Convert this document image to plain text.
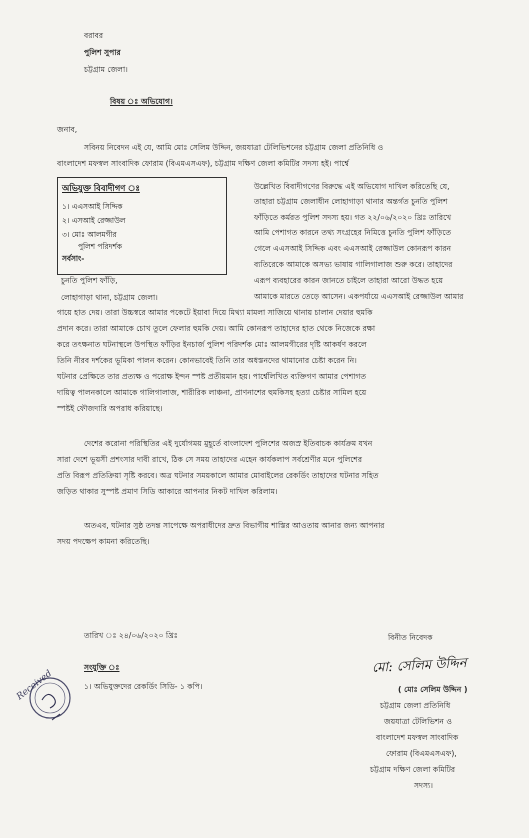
বরাবর
পুলিশ সুপার
চট্টগ্রাম জেলা।
বিষয় ঃ অভিযোগ।
জনাব,
সবিনয় নিবেদন এই যে, আমি মোঃ সেলিম উদ্দিন, জয়যাত্রা টেলিভিশনের চট্টগ্রাম জেলা প্রতিনিধি ও
বাংলাদেশ মফস্বল সাংবাদিক ফোরাম (বিএমএসএফ), চট্টগ্রাম দক্ষিণ জেলা কমিটির সদস্য হই। পার্শ্বে
অভিযুক্ত বিবাদীগণ ঃ
১। এএসআই সিদ্দিক
২। এসআই রেজ্জাউল
৩। মোঃ আলমগীর
পুলিশ পরিদর্শক
সর্বসাং-
চুনতি পুলিশ ফাঁড়ি,
লোহাগাড়া থানা, চট্টগ্রাম জেলা।
উল্লেখিত বিবাদীগণের বিরুদ্ধে এই অভিযোগ দাখিল করিতেছি যে,
তাহারা চট্টগ্রাম জেলাধীন লোহাগাড়া থানার অন্তর্গত চুনতি পুলিশ
ফাঁড়িতে কর্মরত পুলিশ সদস্য হয়। গত ২২/০৬/২০২০ খ্রিঃ তারিখে
আমি পেশাগত কারনে তথ্য সংগ্রহের নিমিত্তে চুনতি পুলিশ ফাঁড়িতে
গেলে এএসআই সিদ্দিক এবং এএসআই রেজ্জাউল কোনরূপ কারন
ব্যতিরেকে আমাকে অসভ্য ভাষায় গালিগালাজ শুরু করে। তাহাদের
এরূপ ব্যবহারের কারন জানতে চাইলে তাহারা আরো উদ্ধত হয়ে
আমাকে মারতে তেড়ে আসেন। একপর্যায়ে এএসআই রেজ্জাউল আমার
গায়ে হাত দেয়। তারা উচ্চস্বরে আমার পকেটে ইয়াবা দিয়ে মিথ্যা মামলা সাজিয়ে থানায় চালান দেয়ার হুমকি
প্রদান করে। তারা আমাকে চোখ তুলে ফেলার হুমকি দেয়। আমি কোনরূপ তাহাদের হাত থেকে নিজেকে রক্ষা
করে তৎক্ষনাত ঘটনাস্থলে উপস্থিত ফাঁড়ির ইনচার্জ পুলিশ পরিদর্শক মোঃ আলমগীরের দৃষ্টি আকর্ষণ করলে
তিনি নীরব দর্শকের ভূমিকা পালন করেন। কোনভাবেই তিনি তার অধস্তনদের থামানোর চেষ্টা করেন নি।
ঘটনার প্রেক্ষিতে তার প্রত্যক্ষ ও পরোক্ষ ইন্দন স্পষ্ট প্রতীয়মান হয়। পার্শ্বেলিখিত ব্যক্তিগণ আমার পেশাগত
দায়িত্ব পালনকালে আমাকে গালিগালাজ, শারীরিক লাঞ্চনা, প্রাণনাশের হুমকিসহ হত্যা চেষ্টার সামিল হয়ে
স্পষ্টই ফৌজদারি অপরাধ করিয়াছে।
দেশের করোনা পরিস্থিতির এই দুর্যোগময় মুহূর্তে বাংলাদেশ পুলিশের অজস্র ইতিবাচক কার্যক্রম যখন
সারা দেশে ভূয়সী প্রশংসার দাবী রাখে, ঠিক সে সময় তাহাদের এহেন কার্যকলাপ সর্বশ্রেণীর মনে পুলিশের
প্রতি বিরূপ প্রতিক্রিয়া সৃষ্টি করবে। অত্র ঘটনার সময়কালে আমার মোবাইলের রেকর্ডিং তাহাদের ঘটনার সহিত
জড়িত থাকার সুস্পষ্ট প্রমাণ সিডি আকারে আপনার নিকট দাখিল করিলাম।
অতএব, ঘটনার সুষ্ঠ তদন্ত সাপেক্ষে অপরাধীদের দ্রুত বিভাগীয় শাস্তির আওতায় আনার জন্য আপনার
সদয় পদক্ষেপ কামনা করিতেছি।
তারিখ ঃ ২৪/০৬/২০২০ খ্রিঃ	বিনীত নিবেদক
মো: সেলিম উদ্দিন
( মোঃ সেলিম উদ্দিন )
চট্টগ্রাম জেলা প্রতিনিধি
জয়যাত্রা টেলিভিশন ও
বাংলাদেশ মফস্বল সাংবাদিক
ফোরাম (বিএমএসএফ),
চট্টগ্রাম দক্ষিণ জেলা কমিটির
সদস্য।
সংযুক্তি ঃ
১। অভিযুক্তদের রেকর্ডিং সিডি- ১ কপি।
Received
